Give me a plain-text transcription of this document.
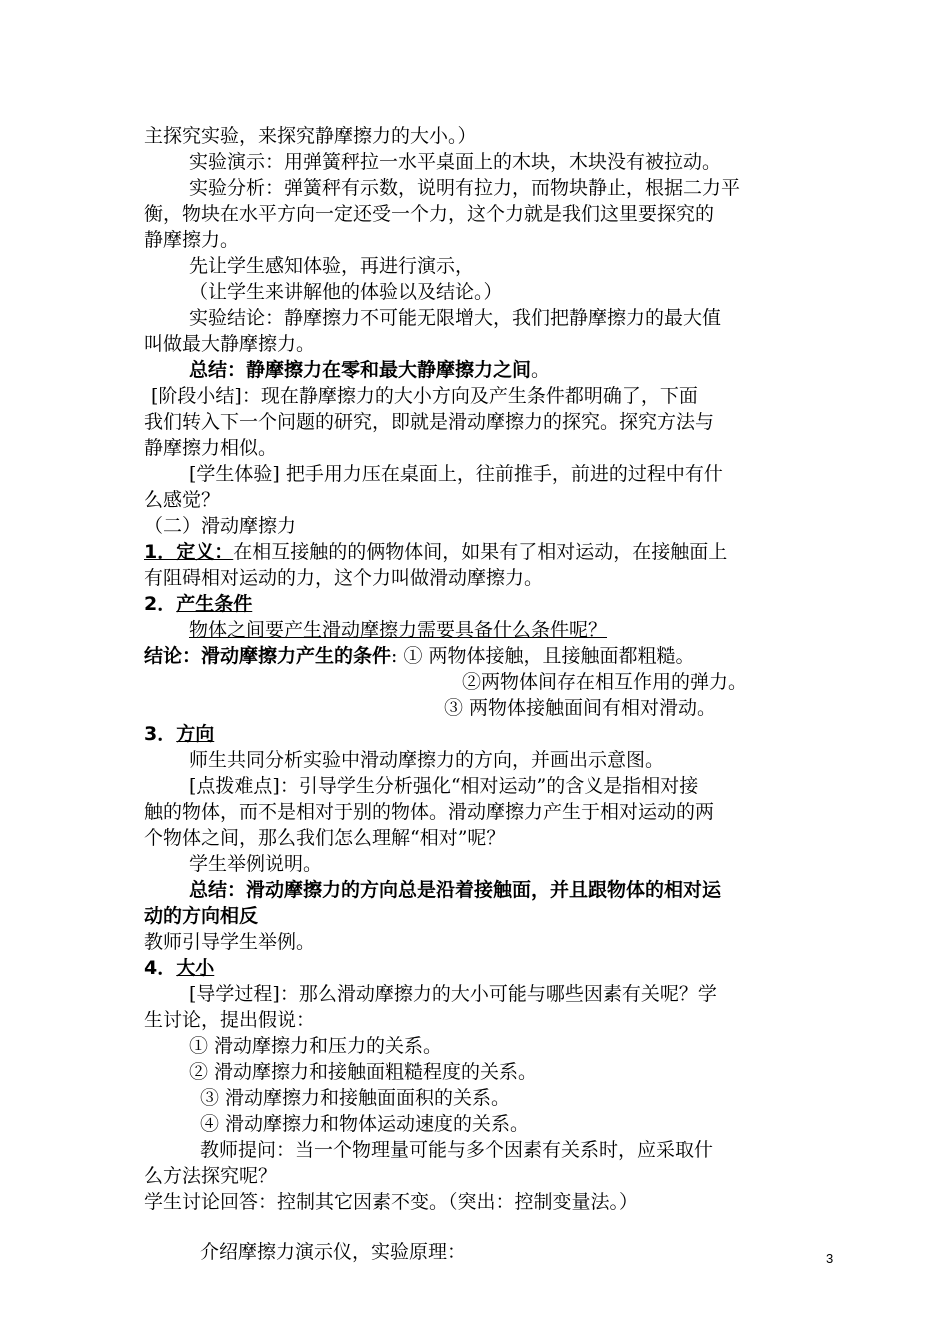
主探究实验，来探究静摩擦力的大小。）
实验演示：用弹簧秤拉一水平桌面上的木块，木块没有被拉动。
实验分析：弹簧秤有示数，说明有拉力，而物块静止，根据二力平
衡，物块在水平方向一定还受一个力，这个力就是我们这里要探究的
静摩擦力。
先让学生感知体验，再进行演示，
（让学生来讲解他的体验以及结论。）
实验结论：静摩擦力不可能无限增大，我们把静摩擦力的最大值
叫做最大静摩擦力。
总结：静摩擦力在零和最大静摩擦力之间。
[阶段小结]：现在静摩擦力的大小方向及产生条件都明确了，下面
我们转入下一个问题的研究，即就是滑动摩擦力的探究。探究方法与
静摩擦力相似。
[学生体验] 把手用力压在桌面上，往前推手，前进的过程中有什
么感觉？
（二）滑动摩擦力
1．定义：在相互接触的的俩物体间，如果有了相对运动，在接触面上
有阻碍相对运动的力，这个力叫做滑动摩擦力。
2．产生条件
物体之间要产生滑动摩擦力需要具备什么条件呢？
结论：滑动摩擦力产生的条件: ① 两物体接触，且接触面都粗糙。
②两物体间存在相互作用的弹力。
③ 两物体接触面间有相对滑动。
3．方向
师生共同分析实验中滑动摩擦力的方向，并画出示意图。
[点拨难点]：引导学生分析强化“相对运动”的含义是指相对接
触的物体，而不是相对于别的物体。滑动摩擦力产生于相对运动的两
个物体之间，那么我们怎么理解“相对”呢？
学生举例说明。
总结：滑动摩擦力的方向总是沿着接触面，并且跟物体的相对运
动的方向相反
教师引导学生举例。
4．大小
[导学过程]：那么滑动摩擦力的大小可能与哪些因素有关呢？学
生讨论，提出假说：
① 滑动摩擦力和压力的关系。
② 滑动摩擦力和接触面粗糙程度的关系。
③ 滑动摩擦力和接触面面积的关系。
④ 滑动摩擦力和物体运动速度的关系。
教师提问：当一个物理量可能与多个因素有关系时，应采取什
么方法探究呢？
学生讨论回答：控制其它因素不变。（突出：控制变量法。）
介绍摩擦力演示仪，实验原理：	3
